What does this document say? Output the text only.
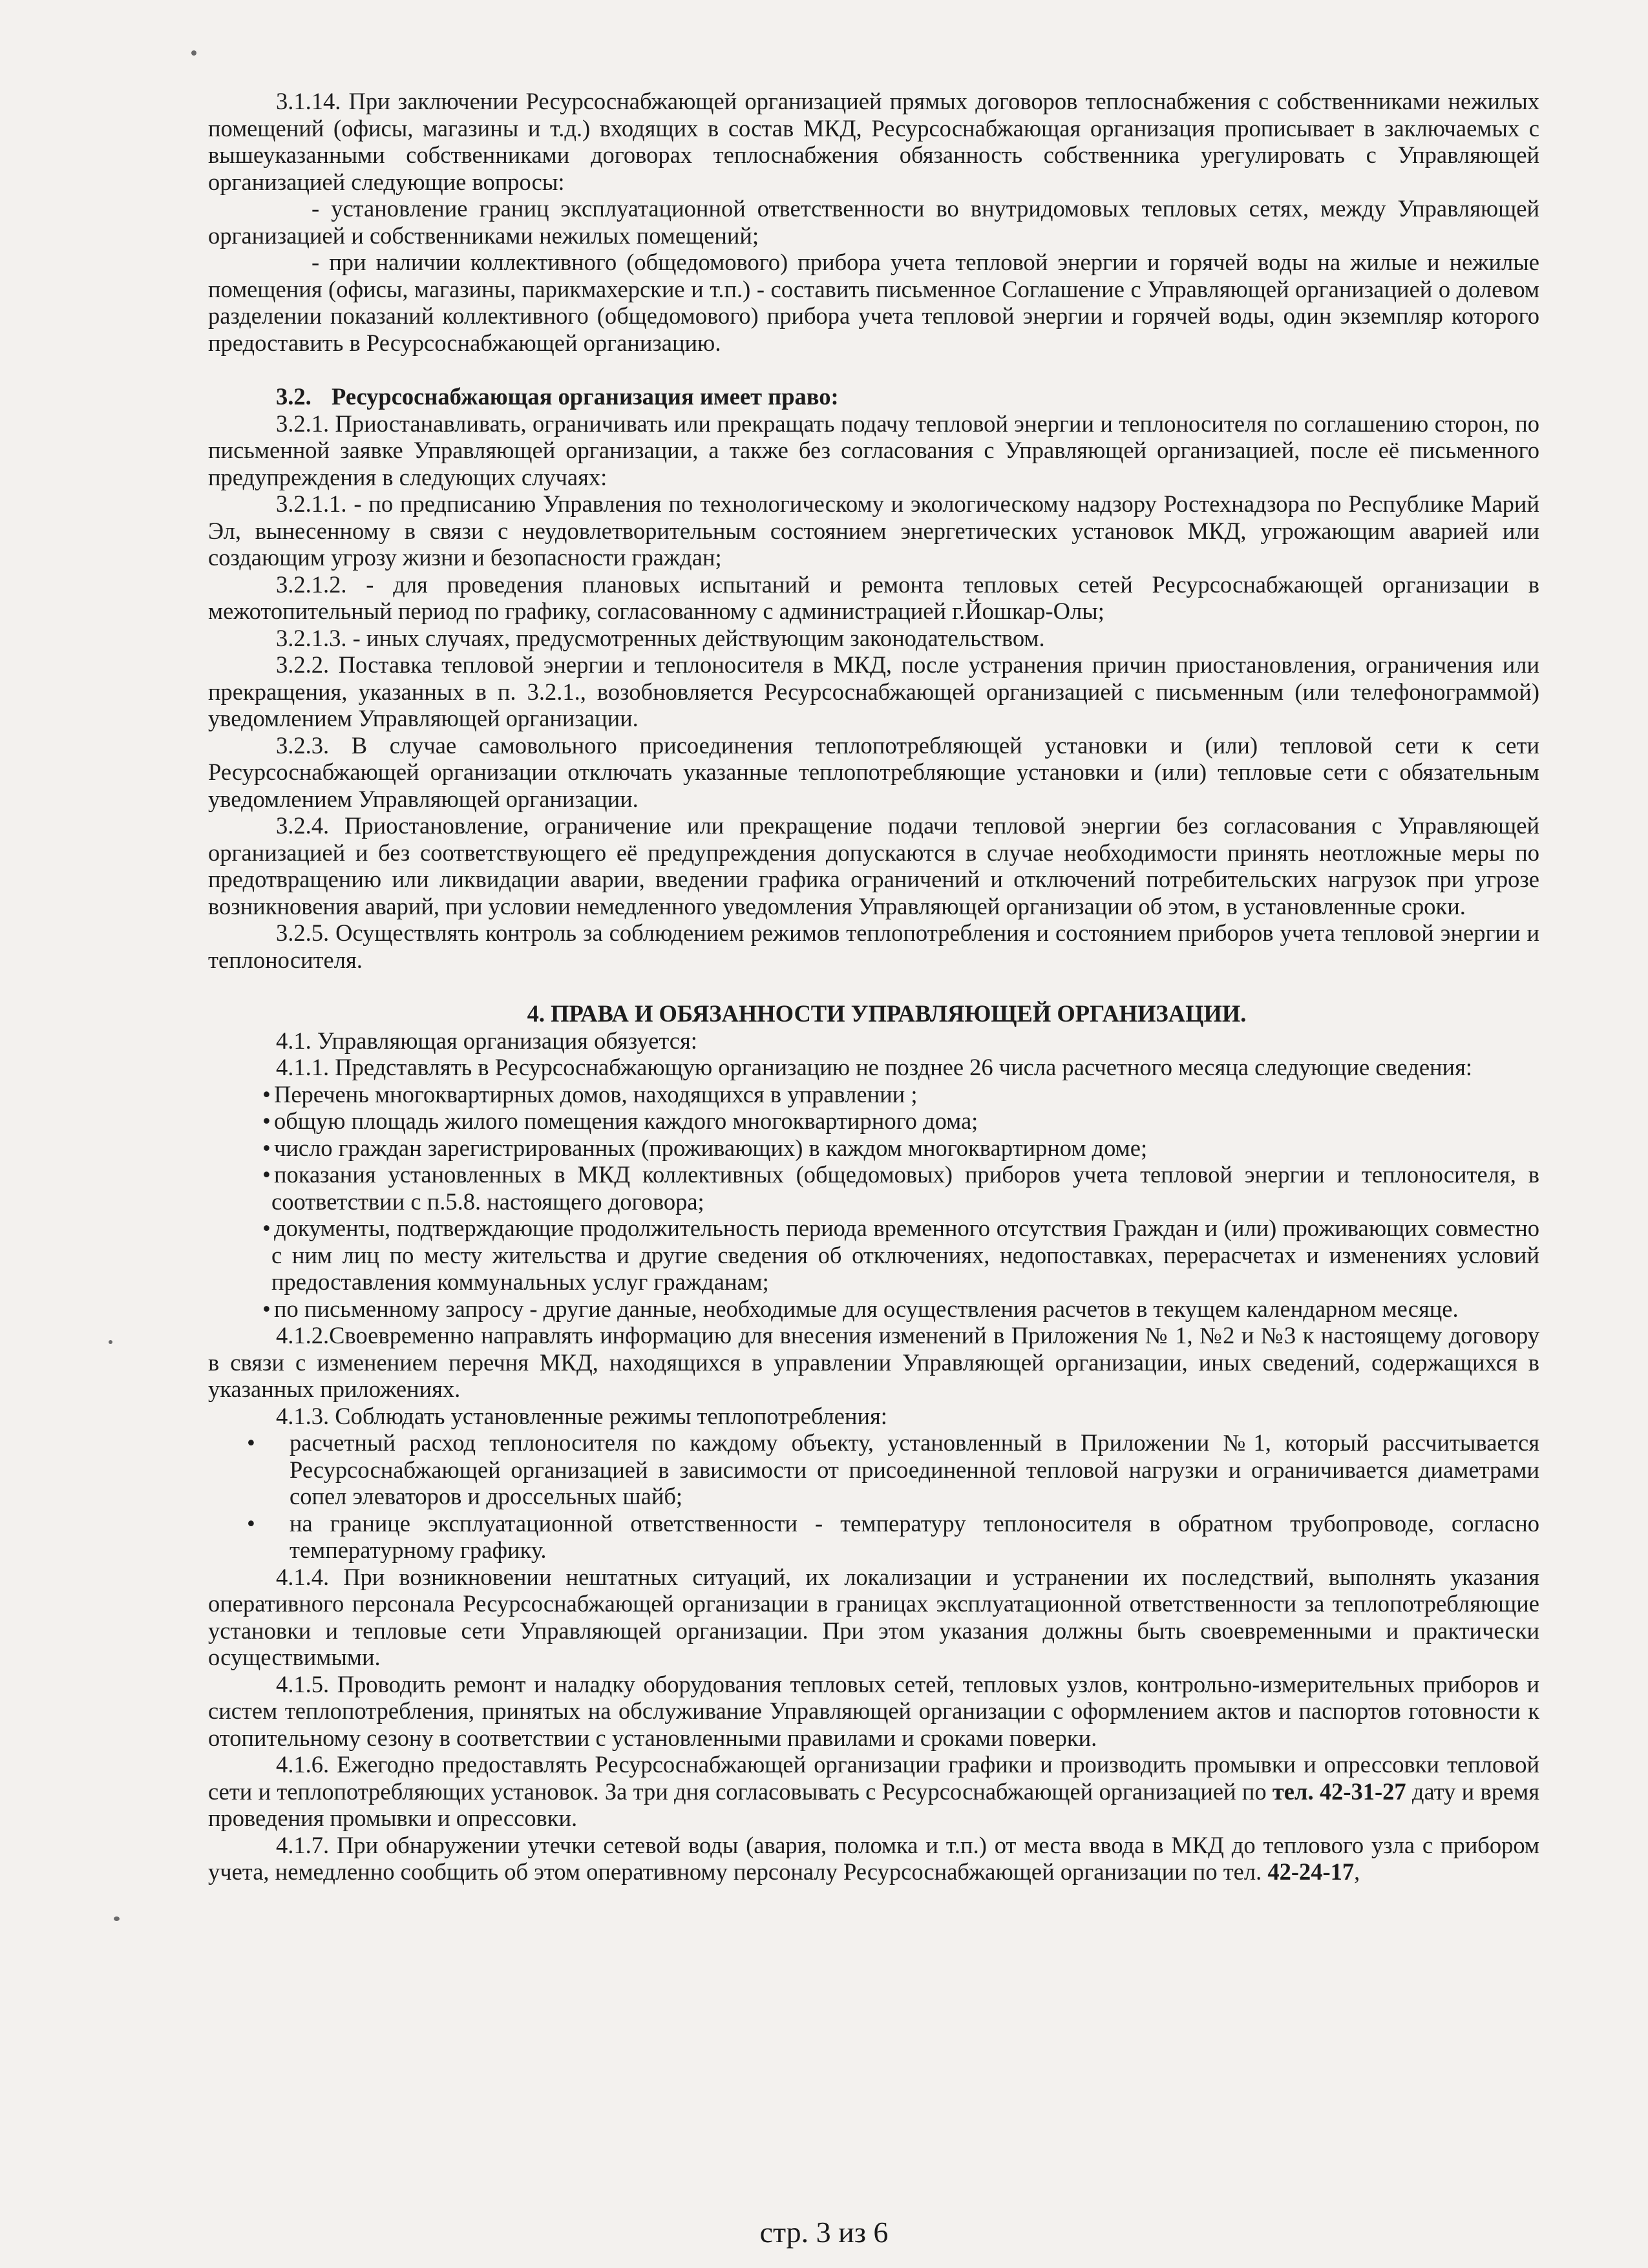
3.1.14. При заключении Ресурсоснабжающей организацией прямых договоров теплоснабжения с собственниками нежилых помещений (офисы, магазины и т.д.) входящих в состав МКД, Ресурсоснабжающая организация прописывает в заключаемых с вышеуказанными собственниками договорах теплоснабжения обязанность собственника урегулировать с Управляющей организацией следующие вопросы:

- установление границ эксплуатационной ответственности во внутридомовых тепловых сетях, между Управляющей организацией и собственниками нежилых помещений;

- при наличии коллективного (общедомового) прибора учета тепловой энергии и горячей воды на жилые и нежилые помещения (офисы, магазины, парикмахерские и т.п.) - составить письменное Соглашение с Управляющей организацией о долевом разделении показаний коллективного (общедомового) прибора учета тепловой энергии и горячей воды, один экземпляр которого предоставить в Ресурсоснабжающей организацию.

3.2. Ресурсоснабжающая организация имеет право:

3.2.1. Приостанавливать, ограничивать или прекращать подачу тепловой энергии и теплоносителя по соглашению сторон, по письменной заявке Управляющей организации, а также без согласования с Управляющей организацией, после её письменного предупреждения в следующих случаях:

3.2.1.1. - по предписанию Управления по технологическому и экологическому надзору Ростехнадзора по Республике Марий Эл, вынесенному в связи с неудовлетворительным состоянием энергетических установок МКД, угрожающим аварией или создающим угрозу жизни и безопасности граждан;

3.2.1.2. - для проведения плановых испытаний и ремонта тепловых сетей Ресурсоснабжающей организации в межотопительный период по графику, согласованному с администрацией г.Йошкар-Олы;

3.2.1.3. - иных случаях, предусмотренных действующим законодательством.

3.2.2. Поставка тепловой энергии и теплоносителя в МКД, после устранения причин приостановления, ограничения или прекращения, указанных в п. 3.2.1., возобновляется Ресурсоснабжающей организацией с письменным (или телефонограммой) уведомлением Управляющей организации.

3.2.3. В случае самовольного присоединения теплопотребляющей установки и (или) тепловой сети к сети Ресурсоснабжающей организации отключать указанные теплопотребляющие установки и (или) тепловые сети с обязательным уведомлением Управляющей организации.

3.2.4. Приостановление, ограничение или прекращение подачи тепловой энергии без согласования с Управляющей организацией и без соответствующего её предупреждения допускаются в случае необходимости принять неотложные меры по предотвращению или ликвидации аварии, введении графика ограничений и отключений потребительских нагрузок при угрозе возникновения аварий, при условии немедленного уведомления Управляющей организации об этом, в установленные сроки.

3.2.5. Осуществлять контроль за соблюдением режимов теплопотребления и состоянием приборов учета тепловой энергии и теплоносителя.

4. ПРАВА И ОБЯЗАННОСТИ УПРАВЛЯЮЩЕЙ ОРГАНИЗАЦИИ.

4.1. Управляющая организация обязуется:

4.1.1. Представлять в Ресурсоснабжающую организацию не позднее 26 числа расчетного месяца следующие сведения:

• Перечень многоквартирных домов, находящихся в управлении ;
• общую площадь жилого помещения каждого многоквартирного дома;
• число граждан зарегистрированных (проживающих) в каждом многоквартирном доме;
• показания установленных в МКД коллективных (общедомовых) приборов учета тепловой энергии и теплоносителя, в соответствии с п.5.8. настоящего договора;
• документы, подтверждающие продолжительность периода временного отсутствия Граждан и (или) проживающих совместно с ним лиц по месту жительства и другие сведения об отключениях, недопоставках, перерасчетах и изменениях условий предоставления коммунальных услуг гражданам;
• по письменному запросу - другие данные, необходимые для осуществления расчетов в текущем календарном месяце.

4.1.2.Своевременно направлять информацию для внесения изменений в Приложения № 1, №2 и №3 к настоящему договору в связи с изменением перечня МКД, находящихся в управлении Управляющей организации, иных сведений, содержащихся в указанных приложениях.

4.1.3. Соблюдать установленные режимы теплопотребления:

• расчетный расход теплоносителя по каждому объекту, установленный в Приложении №1, который рассчитывается Ресурсоснабжающей организацией в зависимости от присоединенной тепловой нагрузки и ограничивается диаметрами сопел элеваторов и дроссельных шайб;
• на границе эксплуатационной ответственности - температуру теплоносителя в обратном трубопроводе, согласно температурному графику.

4.1.4. При возникновении нештатных ситуаций, их локализации и устранении их последствий, выполнять указания оперативного персонала Ресурсоснабжающей организации в границах эксплуатационной ответственности за теплопотребляющие установки и тепловые сети Управляющей организации. При этом указания должны быть своевременными и практически осуществимыми.

4.1.5. Проводить ремонт и наладку оборудования тепловых сетей, тепловых узлов, контрольно-измерительных приборов и систем теплопотребления, принятых на обслуживание Управляющей организации с оформлением актов и паспортов готовности к отопительному сезону в соответствии с установленными правилами и сроками поверки.

4.1.6. Ежегодно предоставлять Ресурсоснабжающей организации графики и производить промывки и опрессовки тепловой сети и теплопотребляющих установок. За три дня согласовывать с Ресурсоснабжающей организацией по тел. 42-31-27 дату и время проведения промывки и опрессовки.

4.1.7. При обнаружении утечки сетевой воды (авария, поломка и т.п.) от места ввода в МКД до теплового узла с прибором учета, немедленно сообщить об этом оперативному персоналу Ресурсоснабжающей организации по тел. 42-24-17,

стр. 3 из 6
